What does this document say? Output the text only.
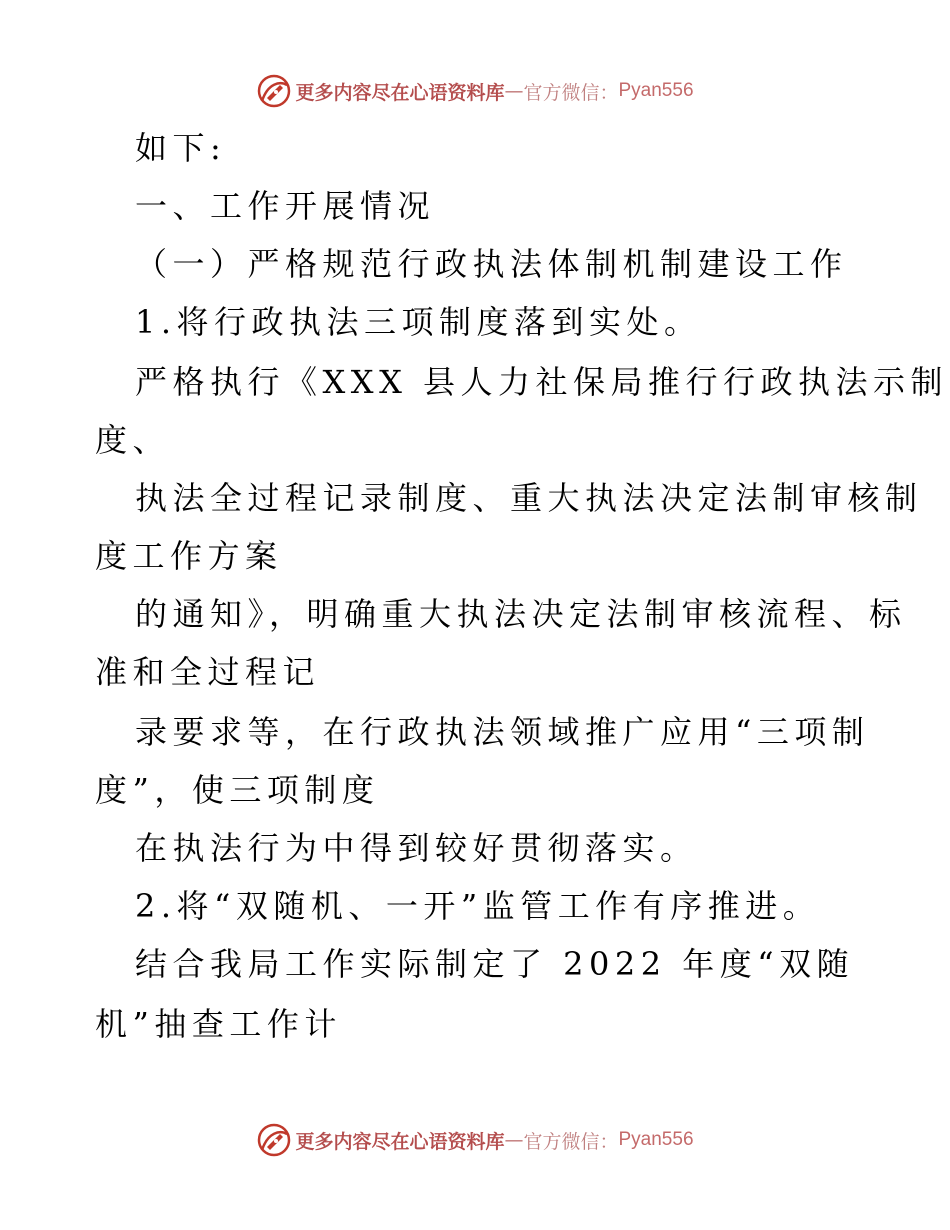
更多内容尽在心语资料库 — 官方微信： Pyan556
如下:
一、工作开展情况
（一）严格规范行政执法体制机制建设工作
1.将行政执法三项制度落到实处。
严格执行《XXX 县人力社保局推行行政执法示制
度、
执法全过程记录制度、重大执法决定法制审核制
度工作方案
的通知》，明确重大执法决定法制审核流程、标
准和全过程记
录要求等，在行政执法领域推广应用“三项制
度”，使三项制度
在执法行为中得到较好贯彻落实。
2.将“双随机、一开”监管工作有序推进。
结合我局工作实际制定了 2022 年度“双随
机”抽查工作计
更多内容尽在心语资料库 — 官方微信： Pyan556
